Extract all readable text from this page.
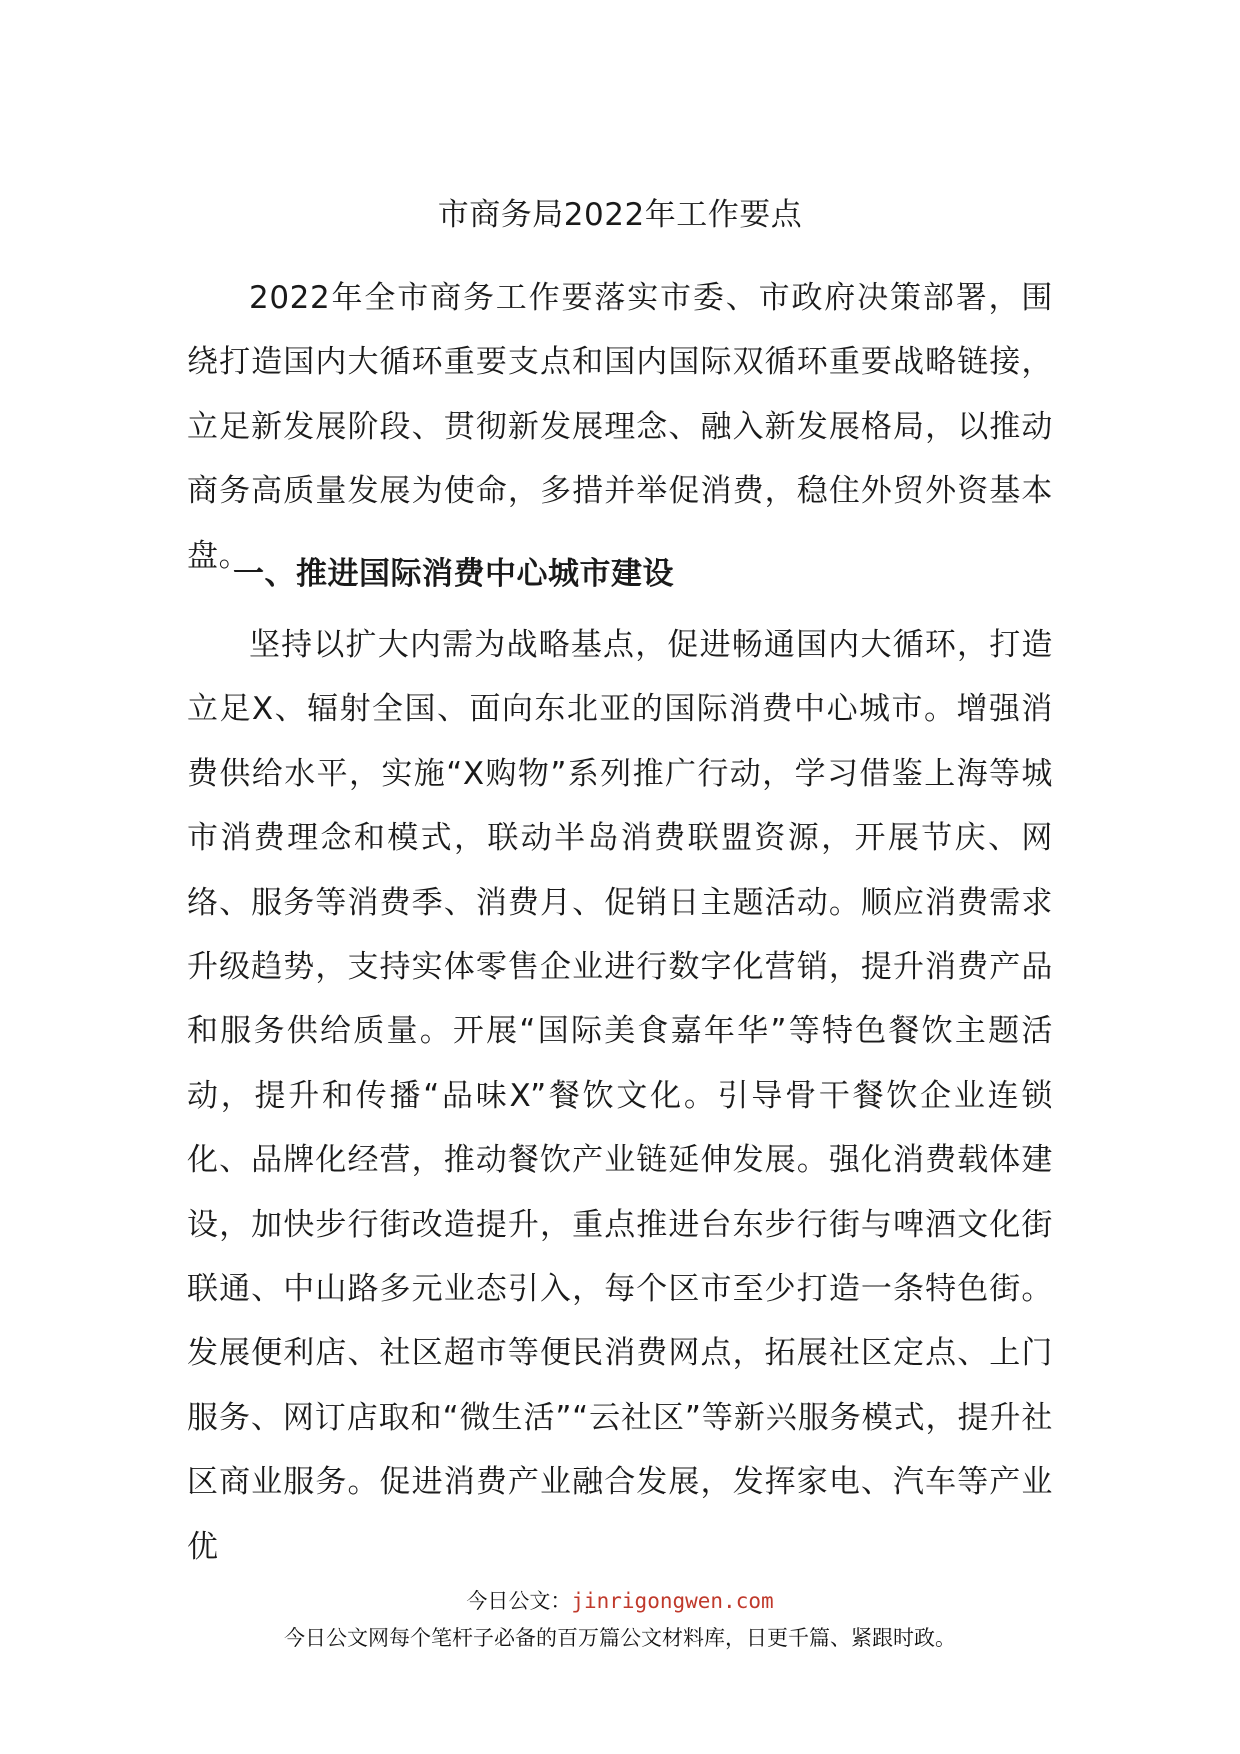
市商务局2022年工作要点

2022年全市商务工作要落实市委、市政府决策部署，围绕打造国内大循环重要支点和国内国际双循环重要战略链接，立足新发展阶段、贯彻新发展理念、融入新发展格局，以推动商务高质量发展为使命，多措并举促消费，稳住外贸外资基本盘。

一、推进国际消费中心城市建设

坚持以扩大内需为战略基点，促进畅通国内大循环，打造立足X、辐射全国、面向东北亚的国际消费中心城市。增强消费供给水平，实施“X购物”系列推广行动，学习借鉴上海等城市消费理念和模式，联动半岛消费联盟资源，开展节庆、网络、服务等消费季、消费月、促销日主题活动。顺应消费需求升级趋势，支持实体零售企业进行数字化营销，提升消费产品和服务供给质量。开展“国际美食嘉年华”等特色餐饮主题活动，提升和传播“品味X”餐饮文化。引导骨干餐饮企业连锁化、品牌化经营，推动餐饮产业链延伸发展。强化消费载体建设，加快步行街改造提升，重点推进台东步行街与啤酒文化街联通、中山路多元业态引入，每个区市至少打造一条特色街。发展便利店、社区超市等便民消费网点，拓展社区定点、上门服务、网订店取和“微生活”“云社区”等新兴服务模式，提升社区商业服务。促进消费产业融合发展，发挥家电、汽车等产业优

今日公文：jinrigongwen.com
今日公文网每个笔杆子必备的百万篇公文材料库，日更千篇、紧跟时政。
